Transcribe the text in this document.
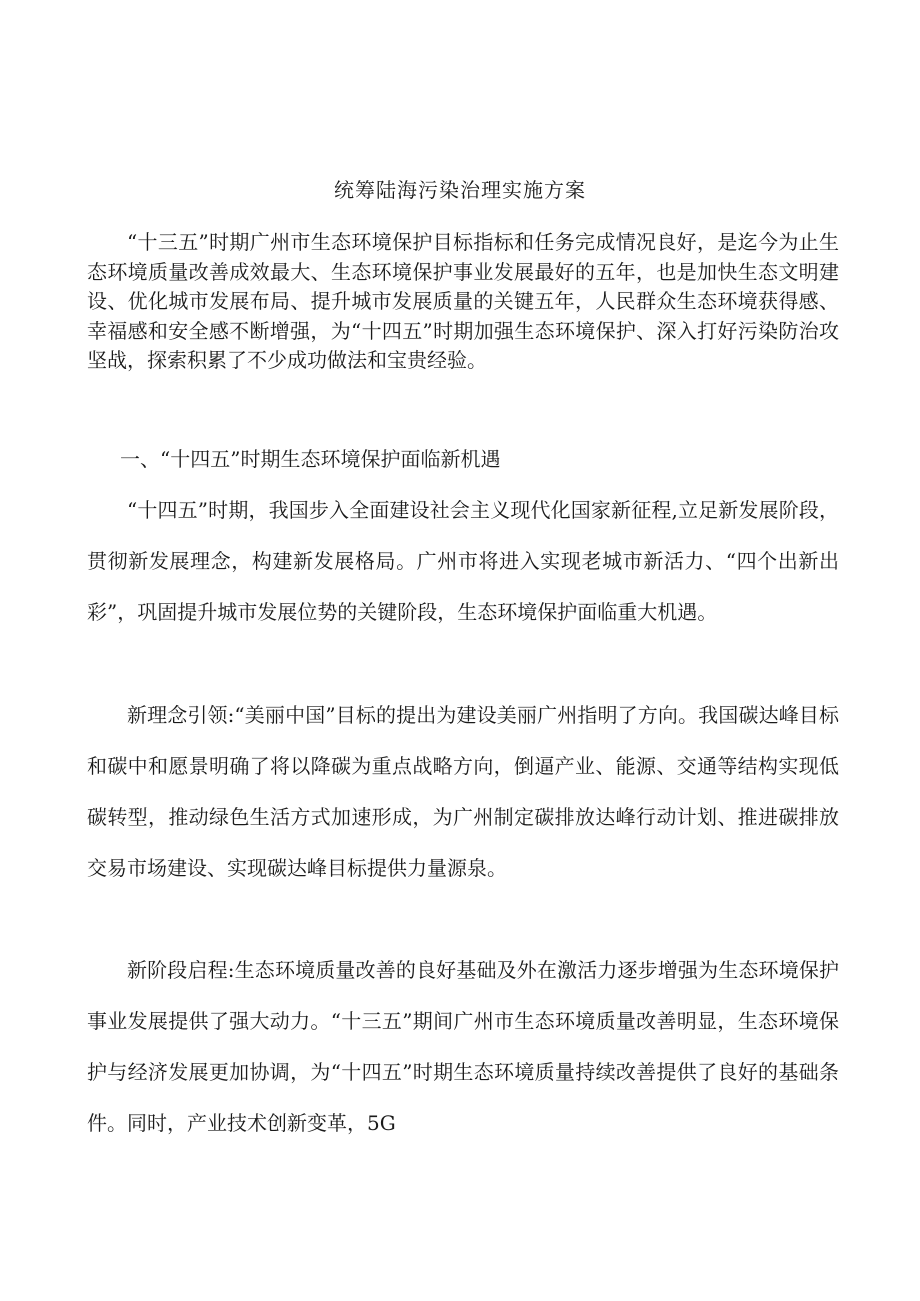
统筹陆海污染治理实施方案

“十三五”时期广州市生态环境保护目标指标和任务完成情况良好，是迄今为止生态环境质量改善成效最大、生态环境保护事业发展最好的五年，也是加快生态文明建设、优化城市发展布局、提升城市发展质量的关键五年，人民群众生态环境获得感、幸福感和安全感不断增强，为“十四五”时期加强生态环境保护、深入打好污染防治攻坚战，探索积累了不少成功做法和宝贵经验。

一、“十四五”时期生态环境保护面临新机遇

“十四五”时期，我国步入全面建设社会主义现代化国家新征程,立足新发展阶段，贯彻新发展理念，构建新发展格局。广州市将进入实现老城市新活力、“四个出新出彩”，巩固提升城市发展位势的关键阶段，生态环境保护面临重大机遇。

新理念引领:“美丽中国”目标的提出为建设美丽广州指明了方向。我国碳达峰目标和碳中和愿景明确了将以降碳为重点战略方向，倒逼产业、能源、交通等结构实现低碳转型，推动绿色生活方式加速形成，为广州制定碳排放达峰行动计划、推进碳排放交易市场建设、实现碳达峰目标提供力量源泉。

新阶段启程:生态环境质量改善的良好基础及外在激活力逐步增强为生态环境保护事业发展提供了强大动力。“十三五”期间广州市生态环境质量改善明显，生态环境保护与经济发展更加协调，为“十四五”时期生态环境质量持续改善提供了良好的基础条件。同时，产业技术创新变革，5G
